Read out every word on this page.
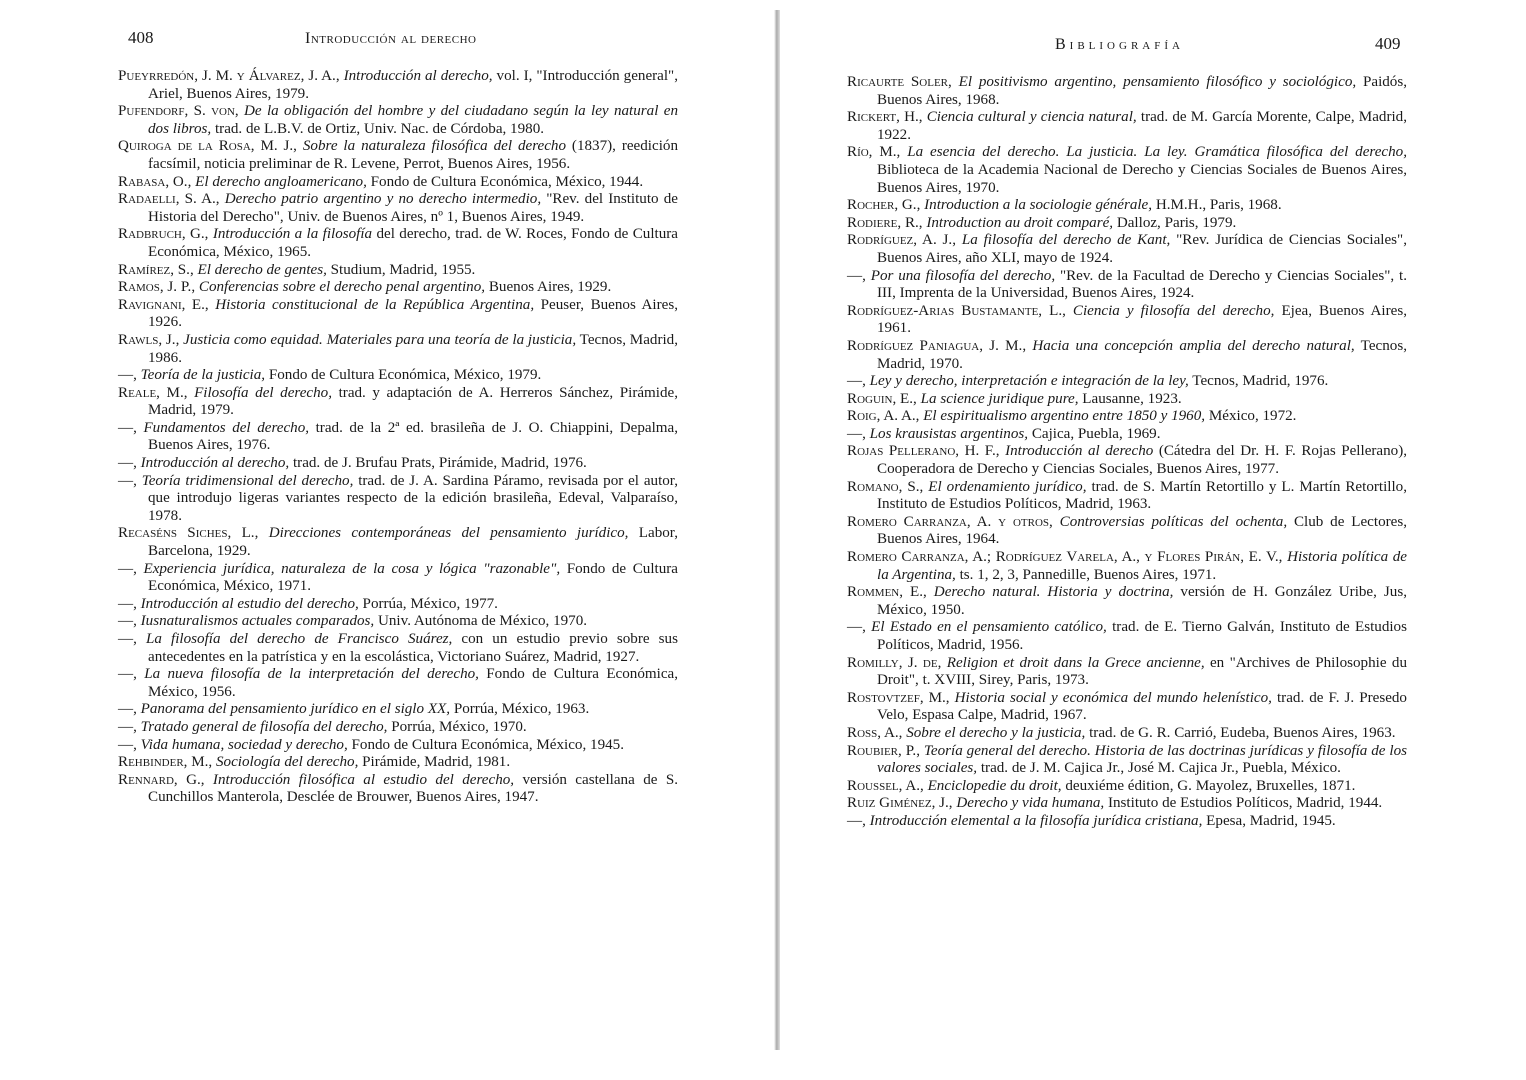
408	Introducción al derecho

Pueyrredón, J. M. y Álvarez, J. A., Introducción al derecho, vol. I, "Introducción general", Ariel, Buenos Aires, 1979.

Pufendorf, S. von, De la obligación del hombre y del ciudadano según la ley natural en dos libros, trad. de L.B.V. de Ortiz, Univ. Nac. de Córdoba, 1980.

Quiroga de la Rosa, M. J., Sobre la naturaleza filosófica del derecho (1837), reedición facsímil, noticia preliminar de R. Levene, Perrot, Buenos Aires, 1956.

Rabasa, O., El derecho angloamericano, Fondo de Cultura Económica, México, 1944.

Radaelli, S. A., Derecho patrio argentino y no derecho intermedio, "Rev. del Instituto de Historia del Derecho", Univ. de Buenos Aires, nº 1, Buenos Aires, 1949.

Radbruch, G., Introducción a la filosofía del derecho, trad. de W. Roces, Fondo de Cultura Económica, México, 1965.

Ramírez, S., El derecho de gentes, Studium, Madrid, 1955.

Ramos, J. P., Conferencias sobre el derecho penal argentino, Buenos Aires, 1929.

Ravignani, E., Historia constitucional de la República Argentina, Peuser, Buenos Aires, 1926.

Rawls, J., Justicia como equidad. Materiales para una teoría de la justicia, Tecnos, Madrid, 1986.

—, Teoría de la justicia, Fondo de Cultura Económica, México, 1979.

Reale, M., Filosofía del derecho, trad. y adaptación de A. Herreros Sánchez, Pirámide, Madrid, 1979.

—, Fundamentos del derecho, trad. de la 2ª ed. brasileña de J. O. Chiappini, Depalma, Buenos Aires, 1976.

—, Introducción al derecho, trad. de J. Brufau Prats, Pirámide, Madrid, 1976.

—, Teoría tridimensional del derecho, trad. de J. A. Sardina Páramo, revisada por el autor, que introdujo ligeras variantes respecto de la edición brasileña, Edeval, Valparaíso, 1978.

Recaséns Siches, L., Direcciones contemporáneas del pensamiento jurídico, Labor, Barcelona, 1929.

—, Experiencia jurídica, naturaleza de la cosa y lógica "razonable", Fondo de Cultura Económica, México, 1971.

—, Introducción al estudio del derecho, Porrúa, México, 1977.

—, Iusnaturalismos actuales comparados, Univ. Autónoma de México, 1970.

—, La filosofía del derecho de Francisco Suárez, con un estudio previo sobre sus antecedentes en la patrística y en la escolástica, Victoriano Suárez, Madrid, 1927.

—, La nueva filosofía de la interpretación del derecho, Fondo de Cultura Económica, México, 1956.

—, Panorama del pensamiento jurídico en el siglo XX, Porrúa, México, 1963.

—, Tratado general de filosofía del derecho, Porrúa, México, 1970.

—, Vida humana, sociedad y derecho, Fondo de Cultura Económica, México, 1945.

Rehbinder, M., Sociología del derecho, Pirámide, Madrid, 1981.

Rennard, G., Introducción filosófica al estudio del derecho, versión castellana de S. Cunchillos Manterola, Desclée de Brouwer, Buenos Aires, 1947.

Bibliografía	409

Ricaurte Soler, El positivismo argentino, pensamiento filosófico y sociológico, Paidós, Buenos Aires, 1968.

Rickert, H., Ciencia cultural y ciencia natural, trad. de M. García Morente, Calpe, Madrid, 1922.

Río, M., La esencia del derecho. La justicia. La ley. Gramática filosófica del derecho, Biblioteca de la Academia Nacional de Derecho y Ciencias Sociales de Buenos Aires, Buenos Aires, 1970.

Rocher, G., Introduction a la sociologie générale, H.M.H., Paris, 1968.

Rodiere, R., Introduction au droit comparé, Dalloz, Paris, 1979.

Rodríguez, A. J., La filosofía del derecho de Kant, "Rev. Jurídica de Ciencias Sociales", Buenos Aires, año XLI, mayo de 1924.

—, Por una filosofía del derecho, "Rev. de la Facultad de Derecho y Ciencias Sociales", t. III, Imprenta de la Universidad, Buenos Aires, 1924.

Rodríguez-Arias Bustamante, L., Ciencia y filosofía del derecho, Ejea, Buenos Aires, 1961.

Rodríguez Paniagua, J. M., Hacia una concepción amplia del derecho natural, Tecnos, Madrid, 1970.

—, Ley y derecho, interpretación e integración de la ley, Tecnos, Madrid, 1976.

Roguin, E., La science juridique pure, Lausanne, 1923.

Roig, A. A., El espiritualismo argentino entre 1850 y 1960, México, 1972.

—, Los krausistas argentinos, Cajica, Puebla, 1969.

Rojas Pellerano, H. F., Introducción al derecho (Cátedra del Dr. H. F. Rojas Pellerano), Cooperadora de Derecho y Ciencias Sociales, Buenos Aires, 1977.

Romano, S., El ordenamiento jurídico, trad. de S. Martín Retortillo y L. Martín Retortillo, Instituto de Estudios Políticos, Madrid, 1963.

Romero Carranza, A. y otros, Controversias políticas del ochenta, Club de Lectores, Buenos Aires, 1964.

Romero Carranza, A.; Rodríguez Varela, A., y Flores Pirán, E. V., Historia política de la Argentina, ts. 1, 2, 3, Pannedille, Buenos Aires, 1971.

Rommen, E., Derecho natural. Historia y doctrina, versión de H. González Uribe, Jus, México, 1950.

—, El Estado en el pensamiento católico, trad. de E. Tierno Galván, Instituto de Estudios Políticos, Madrid, 1956.

Romilly, J. de, Religion et droit dans la Grece ancienne, en "Archives de Philosophie du Droit", t. XVIII, Sirey, Paris, 1973.

Rostovtzef, M., Historia social y económica del mundo helenístico, trad. de F. J. Presedo Velo, Espasa Calpe, Madrid, 1967.

Ross, A., Sobre el derecho y la justicia, trad. de G. R. Carrió, Eudeba, Buenos Aires, 1963.

Roubier, P., Teoría general del derecho. Historia de las doctrinas jurídicas y filosofía de los valores sociales, trad. de J. M. Cajica Jr., José M. Cajica Jr., Puebla, México.

Roussel, A., Enciclopedie du droit, deuxiéme édition, G. Mayolez, Bruxelles, 1871.

Ruiz Giménez, J., Derecho y vida humana, Instituto de Estudios Políticos, Madrid, 1944.

—, Introducción elemental a la filosofía jurídica cristiana, Epesa, Madrid, 1945.
